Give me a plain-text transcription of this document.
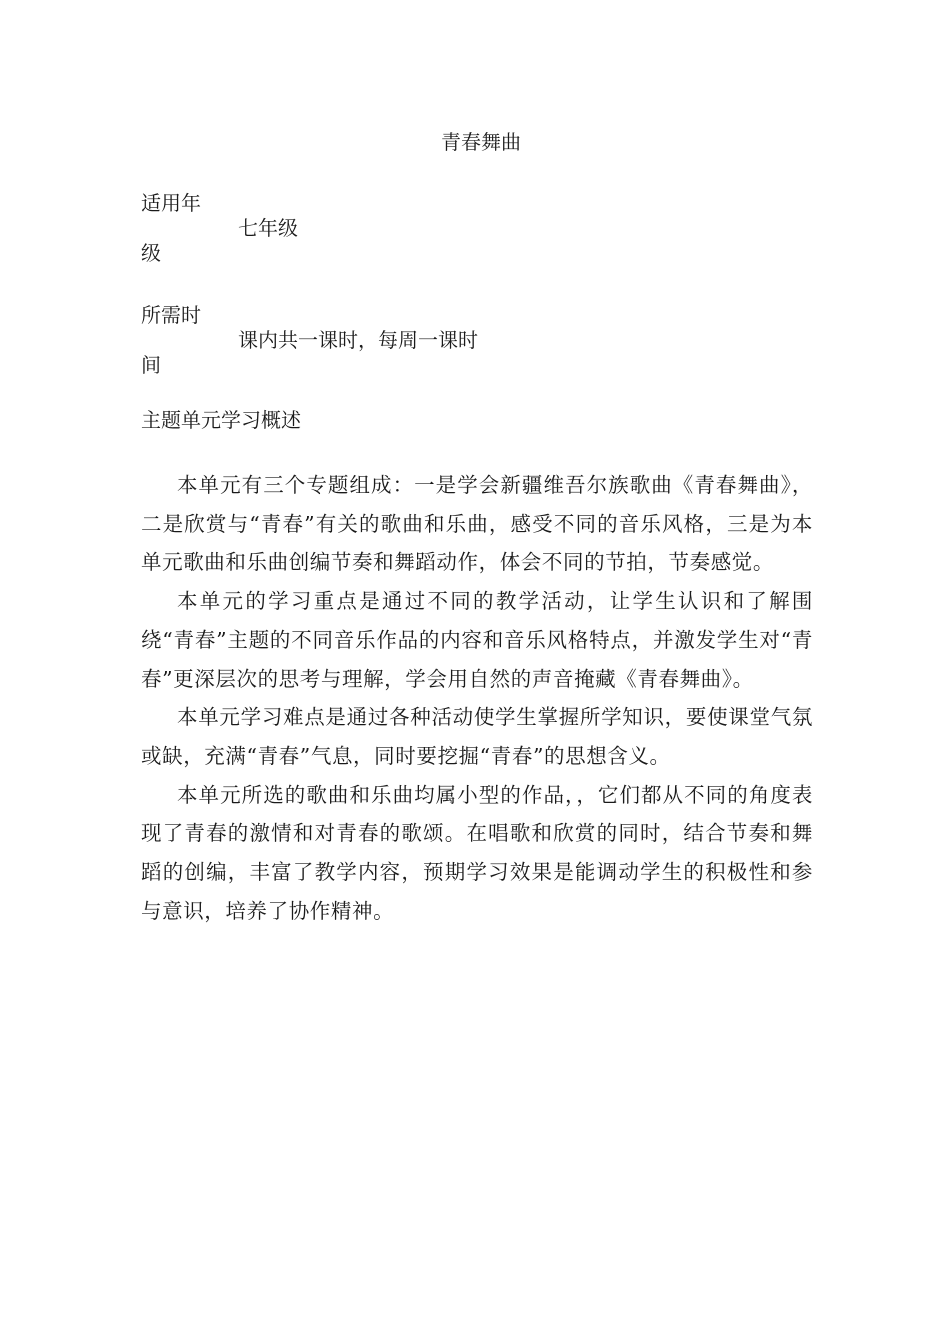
青春舞曲
适用年级
七年级
所需时间
课内共一课时，每周一课时
主题单元学习概述

本单元有三个专题组成：一是学会新疆维吾尔族歌曲《青春舞曲》，二是欣赏与“青春”有关的歌曲和乐曲，感受不同的音乐风格，三是为本单元歌曲和乐曲创编节奏和舞蹈动作，体会不同的节拍，节奏感觉。

本单元的学习重点是通过不同的教学活动，让学生认识和了解围绕“青春”主题的不同音乐作品的内容和音乐风格特点，并激发学生对“青春”更深层次的思考与理解，学会用自然的声音掩藏《青春舞曲》。

本单元学习难点是通过各种活动使学生掌握所学知识，要使课堂气氛或缺，充满“青春”气息，同时要挖掘“青春”的思想含义。

本单元所选的歌曲和乐曲均属小型的作品，，它们都从不同的角度表现了青春的激情和对青春的歌颂。在唱歌和欣赏的同时，结合节奏和舞蹈的创编，丰富了教学内容，预期学习效果是能调动学生的积极性和参与意识，培养了协作精神。
